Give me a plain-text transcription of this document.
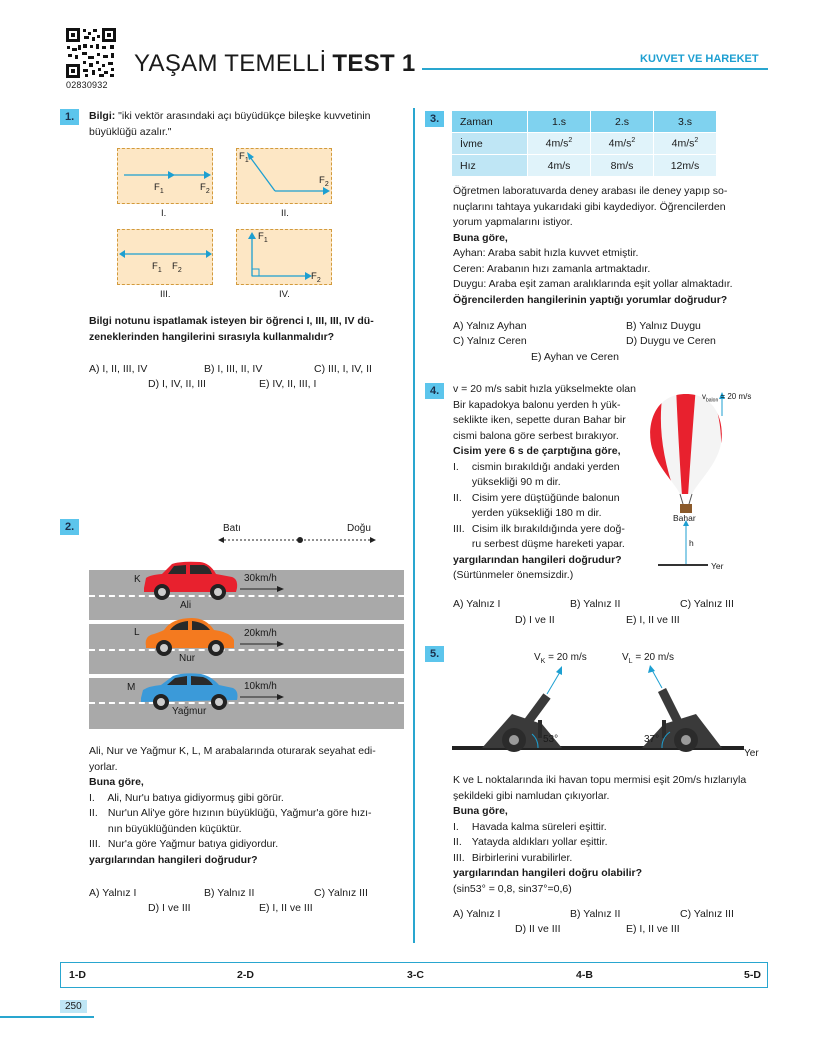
02830932
YAŞAM TEMELLİ TEST 1	KUVVET VE HAREKET
1.	Bilgi: "iki vektör arasındaki açı büyüdükçe bileşke kuvvetinin
büyüklüğü azalır."
$F_1$	$F_2$
I.
$F_1$
$F_2$
II.
$F_1$ $F_2$
III.
$F_1$
$F_2$
IV.
Bilgi notunu ispatlamak isteyen bir öğrenci I, III, III, IV dü-
zeneklerinden hangilerini sırasıyla kullanmalıdır?
A) I, II, III, IV	B) I, III, II, IV	C) III, I, IV, II
D) I, IV, II, III	E) IV, II, III, I
2.	Batı	Doğu
K
Ali
30km/h
L
Nur
20km/h
M
Yağmur
10km/h
Ali, Nur ve Yağmur K, L, M arabalarında oturarak seyahat edi-
yorlar.
Buna göre,
I. Ali, Nur'u batıya gidiyormuş gibi görür.
II. Nur'un Ali'ye göre hızının büyüklüğü, Yağmur'a göre hızı-
nın büyüklüğünden küçüktür.
III. Nur'a göre Yağmur batıya gidiyordur.
yargılarından hangileri doğrudur?
A) Yalnız I	B) Yalnız II	C) Yalnız III
D) I ve III	E) I, II ve III
3.	Zaman	1.s	2.s	3.s
İvme	$4m/s^2$	$4m/s^2$	$4m/s^2$
Hız	4m/s	8m/s	12m/s
Öğretmen laboratuvarda deney arabası ile deney yapıp so-
nuçlarını tahtaya yukarıdaki gibi kaydediyor. Öğrencilerden
yorum yapmalarını istiyor.
Buna göre,
Ayhan: Araba sabit hızla kuvvet etmiştir.
Ceren: Arabanın hızı zamanla artmaktadır.
Duygu: Araba eşit zaman aralıklarında eşit yollar almaktadır.
Öğrencilerden hangilerinin yaptığı yorumlar doğrudur?
A) Yalnız Ayhan	B) Yalnız Duygu
C) Yalnız Ceren	D) Duygu ve Ceren
E) Ayhan ve Ceren
4.	v = 20 m/s sabit hızla yükselmekte olan
Bir kapadokya balonu yerden h yük-
seklikte iken, sepette duran Bahar bir
cismi balona göre serbest bırakıyor.
Cisim yere 6 s de çarptığına göre,
I. cismin bırakıldığı andaki yerden
yüksekliği 90 m dir.
II. Cisim yere düştüğünde balonun
yerden yüksekliği 180 m dir.
III. Cisim ilk bırakıldığında yere doğ-
ru serbest düşme hareketi yapar.
yargılarından hangileri doğrudur?
(Sürtünmeler önemsizdir.)
$v_{balon} = 20$ m/s
Bahar
h
Yer
A) Yalnız I	B) Yalnız II	C) Yalnız III
D) I ve II	E) I, II ve III
5.	$V_K = 20$ m/s	$V_L = 20$ m/s
53°	37°
Yer
K ve L noktalarında iki havan topu mermisi eşit 20m/s hızlarıyla
şekildeki gibi namludan çıkıyorlar.
Buna göre,
I. Havada kalma süreleri eşittir.
II. Yatayda aldıkları yollar eşittir.
III. Birbirlerini vurabilirler.
yargılarından hangileri doğru olabilir?
(sin53° = 0,8, sin37°=0,6)
A) Yalnız I	B) Yalnız II	C) Yalnız III
D) II ve III	E) I, II ve III
1-D	2-D	3-C	4-B	5-D
250
